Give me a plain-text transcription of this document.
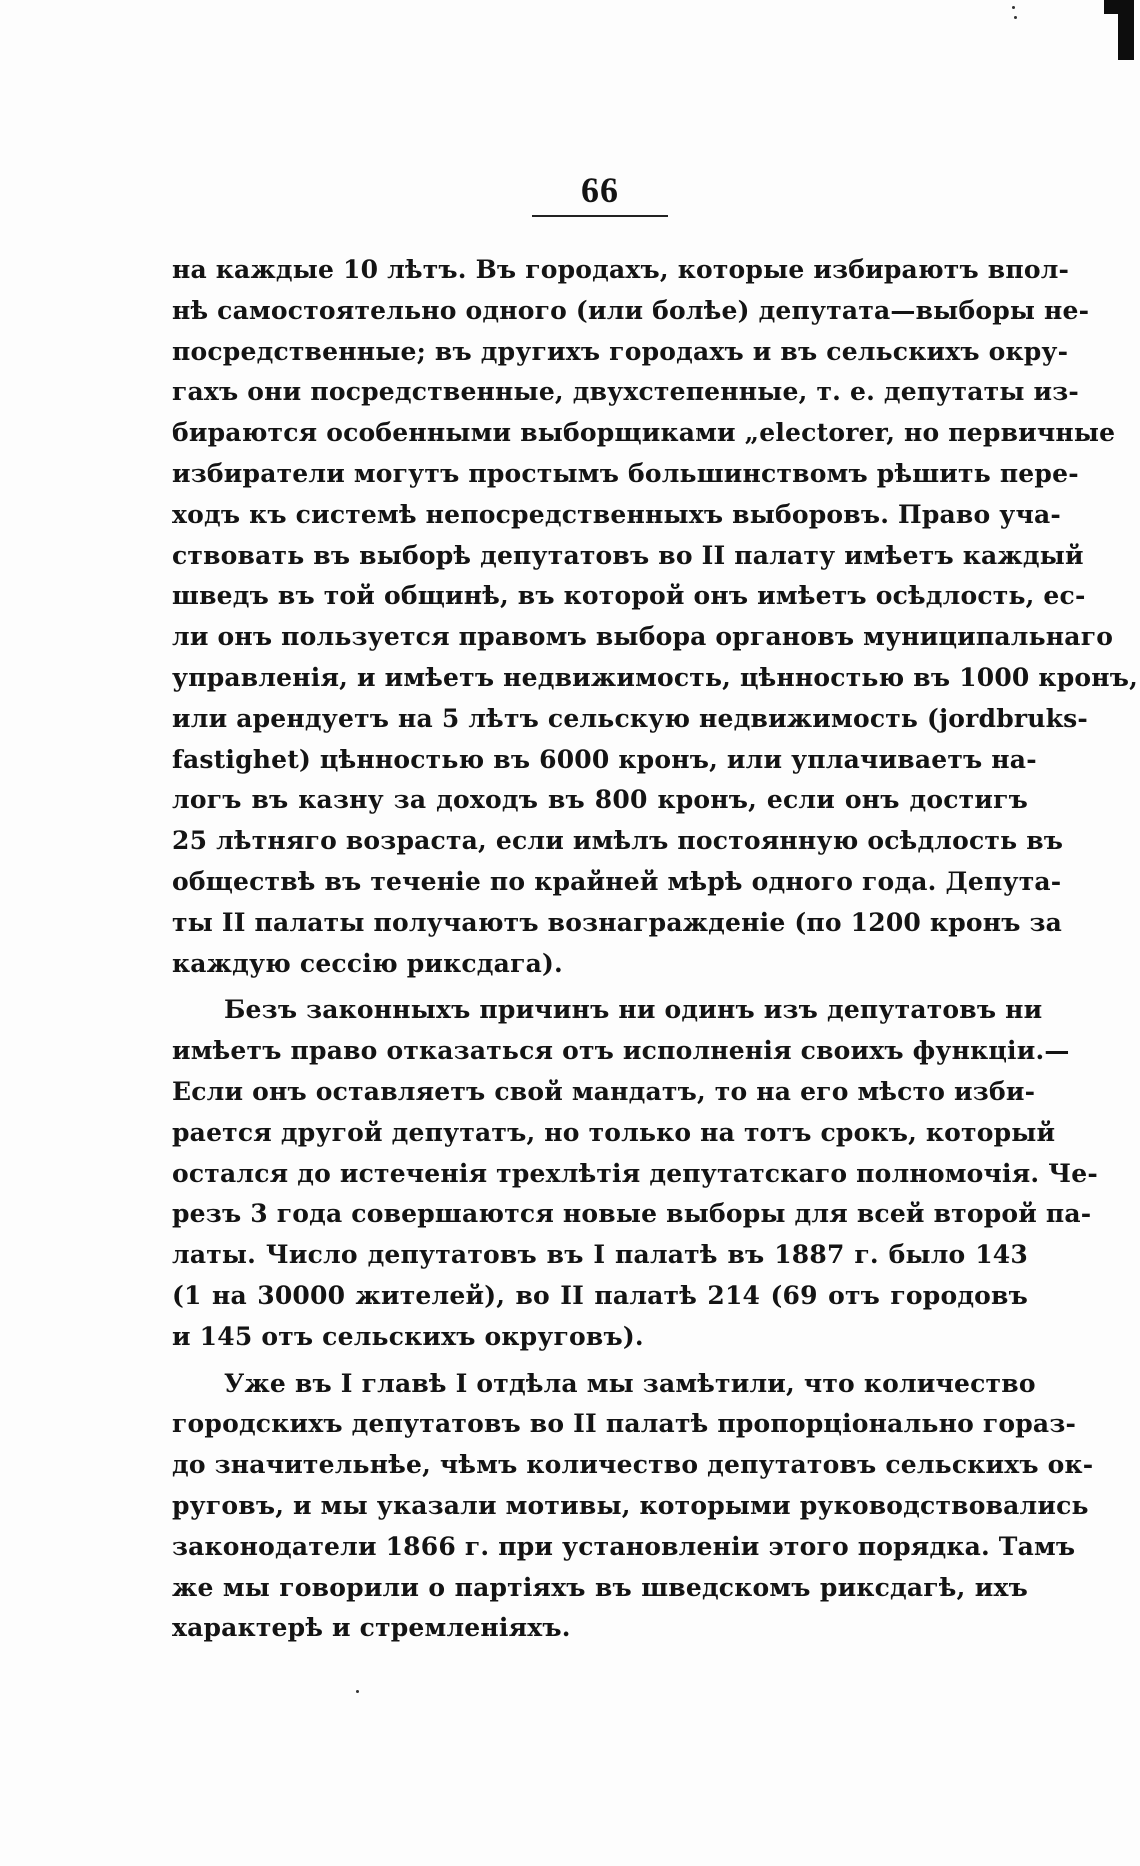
66
на каждые 10 лѣтъ. Въ городахъ, которые избираютъ впол-
нѣ самостоятельно одного (или болѣе) депутата—выборы не-
посредственные; въ другихъ городахъ и въ сельскихъ окру-
гахъ они посредственные, двухстепенные, т. е. депутаты из-
бираются особенными выборщиками „electorer, но первичные
избиратели могутъ простымъ большинствомъ рѣшить пере-
ходъ къ системѣ непосредственныхъ выборовъ. Право уча-
ствовать въ выборѣ депутатовъ во II палату имѣетъ каждый
шведъ въ той общинѣ, въ которой онъ имѣетъ осѣдлость, ес-
ли онъ пользуется правомъ выбора органовъ муниципальнаго
управленія, и имѣетъ недвижимость, цѣнностью въ 1000 кронъ,
или арендуетъ на 5 лѣтъ сельскую недвижимость (jordbruks-
fastighet) цѣнностью въ 6000 кронъ, или уплачиваетъ на-
логъ въ казну за доходъ въ 800 кронъ, если онъ достигъ
25 лѣтняго возраста, если имѣлъ постоянную осѣдлость въ
обществѣ въ теченіе по крайней мѣрѣ одного года. Депута-
ты II палаты получаютъ вознагражденіе (по 1200 кронъ за
каждую сессію риксдага).
Безъ законныхъ причинъ ни одинъ изъ депутатовъ ни
имѣетъ право отказаться отъ исполненія своихъ функціи.—
Если онъ оставляетъ свой мандатъ, то на его мѣсто изби-
рается другой депутатъ, но только на тотъ срокъ, который
остался до истеченія трехлѣтія депутатскаго полномочія. Че-
резъ 3 года совершаются новые выборы для всей второй па-
латы. Число депутатовъ въ I палатѣ въ 1887 г. было 143
(1 на 30000 жителей), во II палатѣ 214 (69 отъ городовъ
и 145 отъ сельскихъ округовъ).
Уже въ I главѣ I отдѣла мы замѣтили, что количество
городскихъ депутатовъ во II палатѣ пропорціонально гораз-
до значительнѣе, чѣмъ количество депутатовъ сельскихъ ок-
руговъ, и мы указали мотивы, которыми руководствовались
законодатели 1866 г. при установленіи этого порядка. Тамъ
же мы говорили о партіяхъ въ шведскомъ риксдагѣ, ихъ
характерѣ и стремленіяхъ.
